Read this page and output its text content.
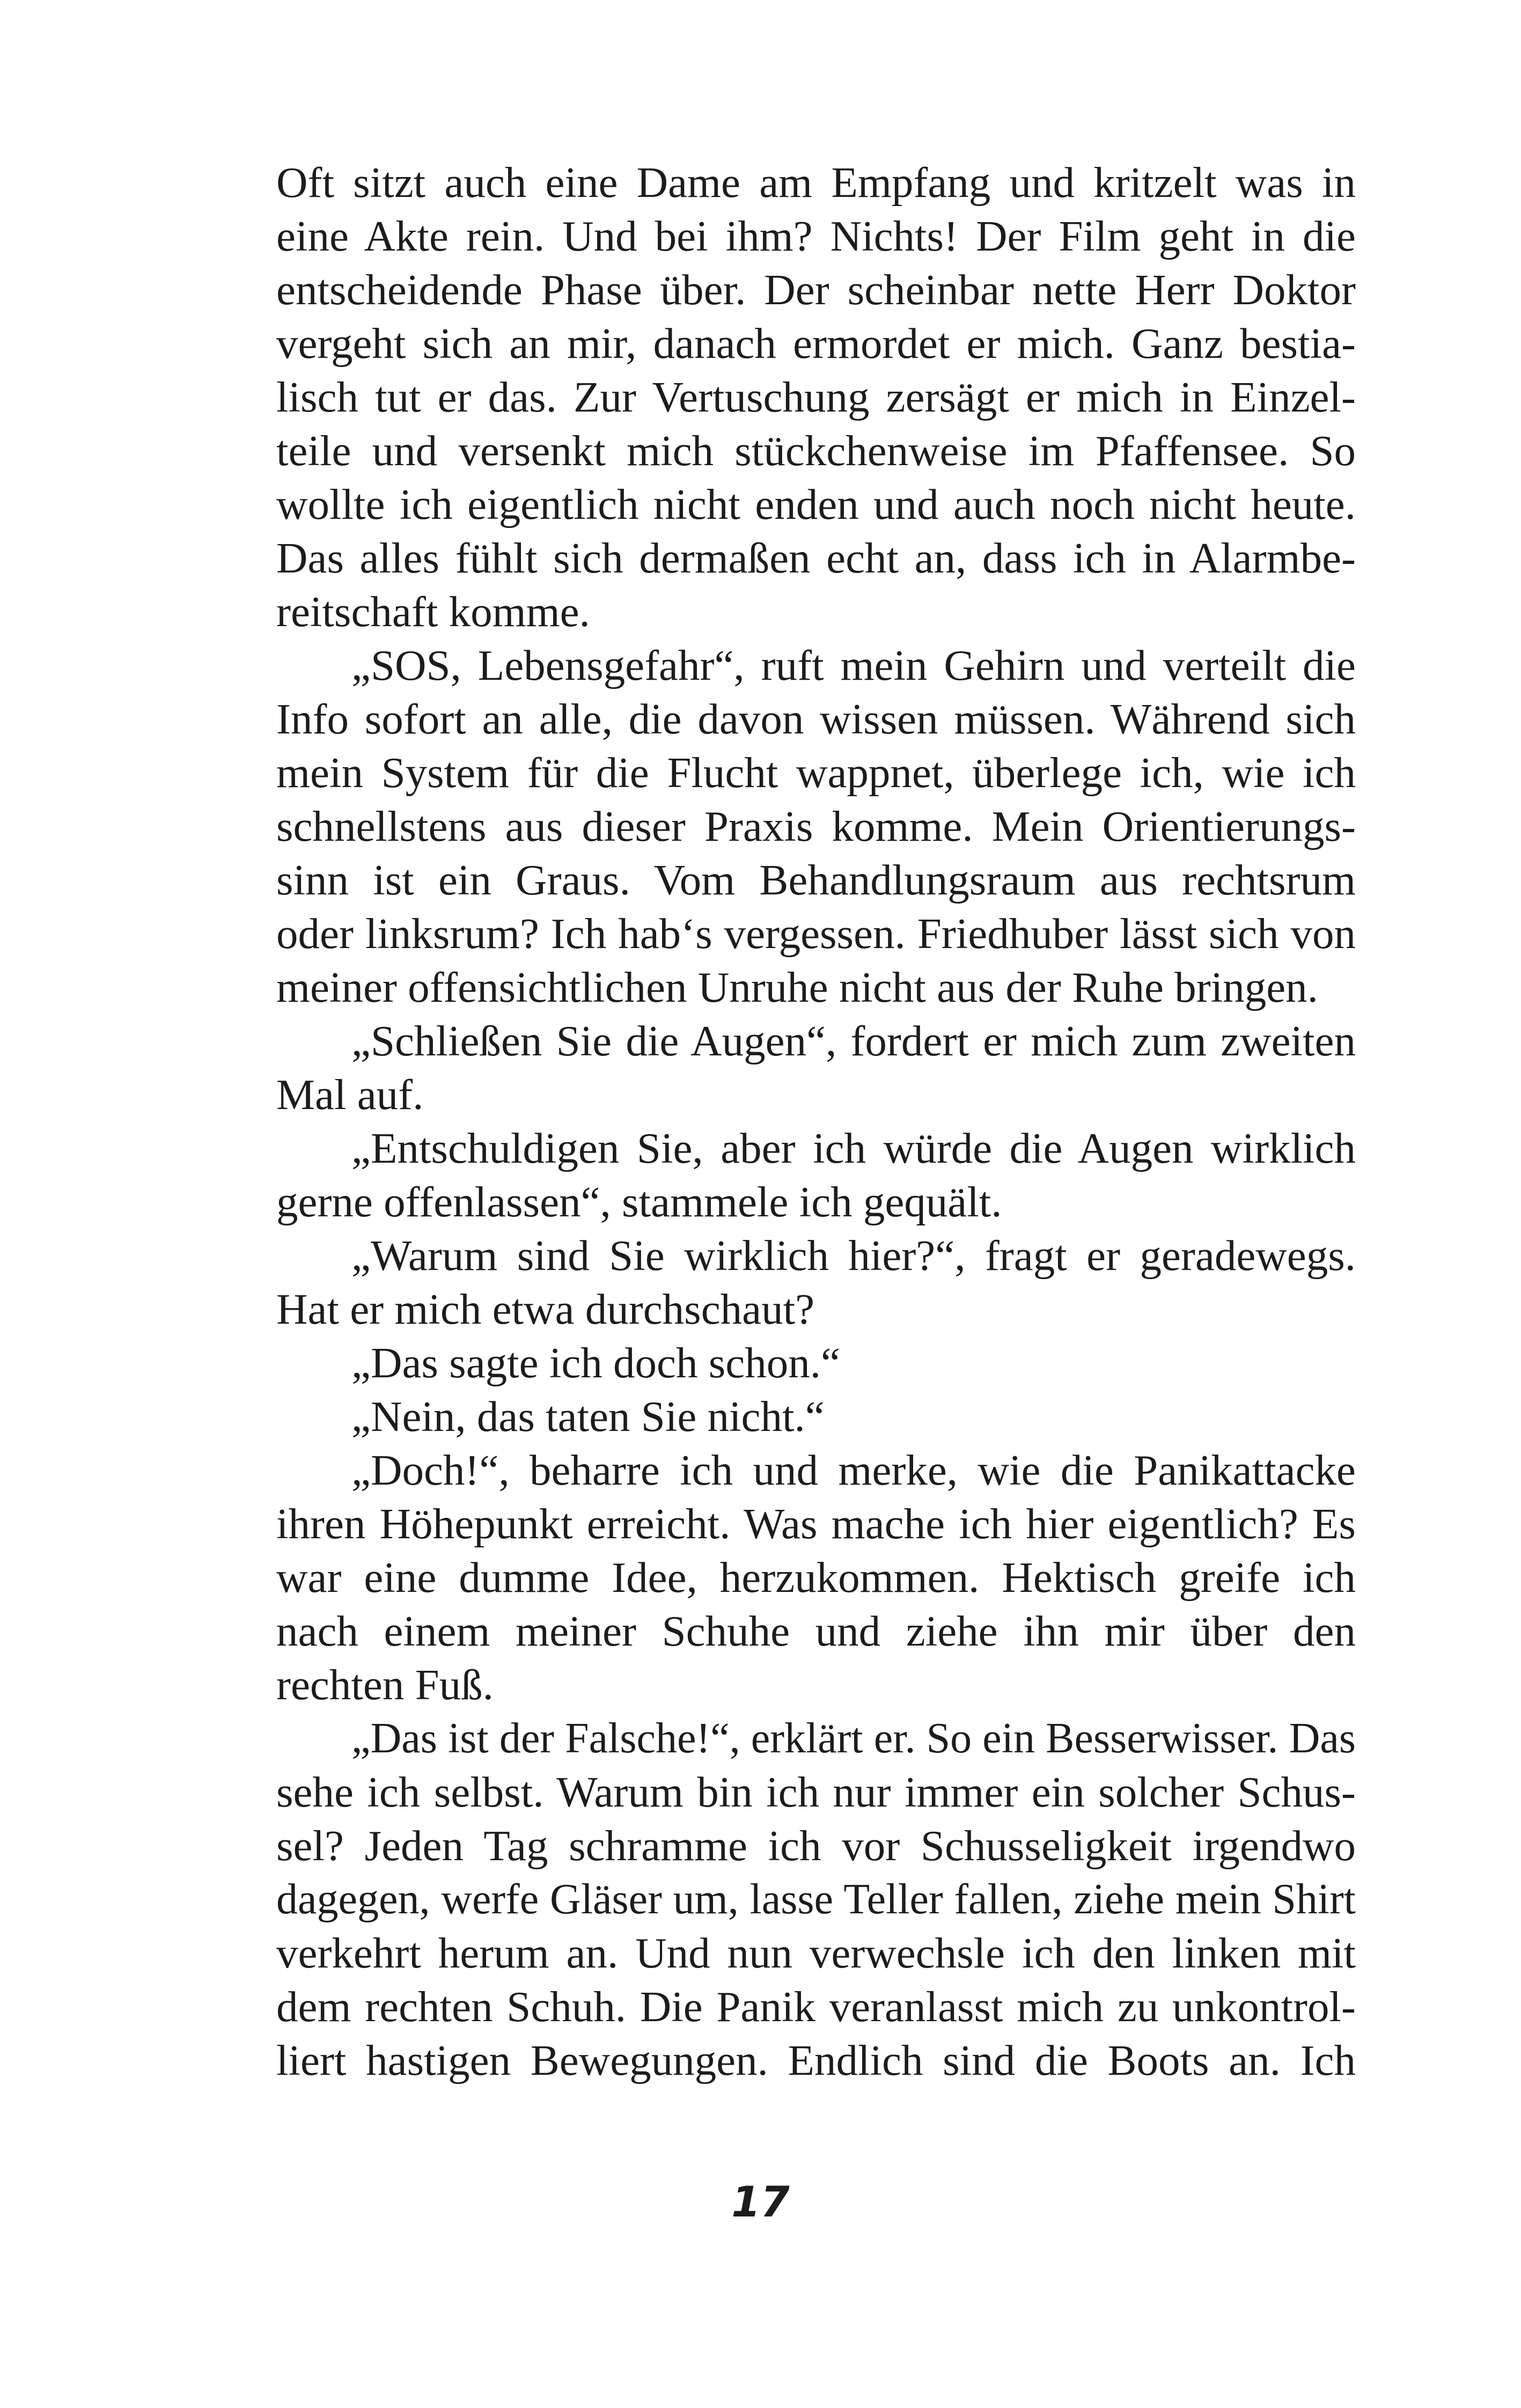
Oft sitzt auch eine Dame am Empfang und kritzelt was in
eine Akte rein. Und bei ihm? Nichts! Der Film geht in die
entscheidende Phase über. Der scheinbar nette Herr Doktor
vergeht sich an mir, danach ermordet er mich. Ganz bestia-
lisch tut er das. Zur Vertuschung zersägt er mich in Einzel-
teile und versenkt mich stückchenweise im Pfaffensee. So
wollte ich eigentlich nicht enden und auch noch nicht heute.
Das alles fühlt sich dermaßen echt an, dass ich in Alarmbe-
reitschaft komme.
„SOS, Lebensgefahr“, ruft mein Gehirn und verteilt die
Info sofort an alle, die davon wissen müssen. Während sich
mein System für die Flucht wappnet, überlege ich, wie ich
schnellstens aus dieser Praxis komme. Mein Orientierungs-
sinn ist ein Graus. Vom Behandlungsraum aus rechtsrum
oder linksrum? Ich hab‘s vergessen. Friedhuber lässt sich von
meiner offensichtlichen Unruhe nicht aus der Ruhe bringen.
„Schließen Sie die Augen“, fordert er mich zum zweiten
Mal auf.
„Entschuldigen Sie, aber ich würde die Augen wirklich
gerne offenlassen“, stammele ich gequält.
„Warum sind Sie wirklich hier?“, fragt er geradewegs.
Hat er mich etwa durchschaut?
„Das sagte ich doch schon.“
„Nein, das taten Sie nicht.“
„Doch!“, beharre ich und merke, wie die Panikattacke
ihren Höhepunkt erreicht. Was mache ich hier eigentlich? Es
war eine dumme Idee, herzukommen. Hektisch greife ich
nach einem meiner Schuhe und ziehe ihn mir über den
rechten Fuß.
„Das ist der Falsche!“, erklärt er. So ein Besserwisser. Das
sehe ich selbst. Warum bin ich nur immer ein solcher Schus-
sel? Jeden Tag schramme ich vor Schusseligkeit irgendwo
dagegen, werfe Gläser um, lasse Teller fallen, ziehe mein Shirt
verkehrt herum an. Und nun verwechsle ich den linken mit
dem rechten Schuh. Die Panik veranlasst mich zu unkontrol-
liert hastigen Bewegungen. Endlich sind die Boots an. Ich
17
